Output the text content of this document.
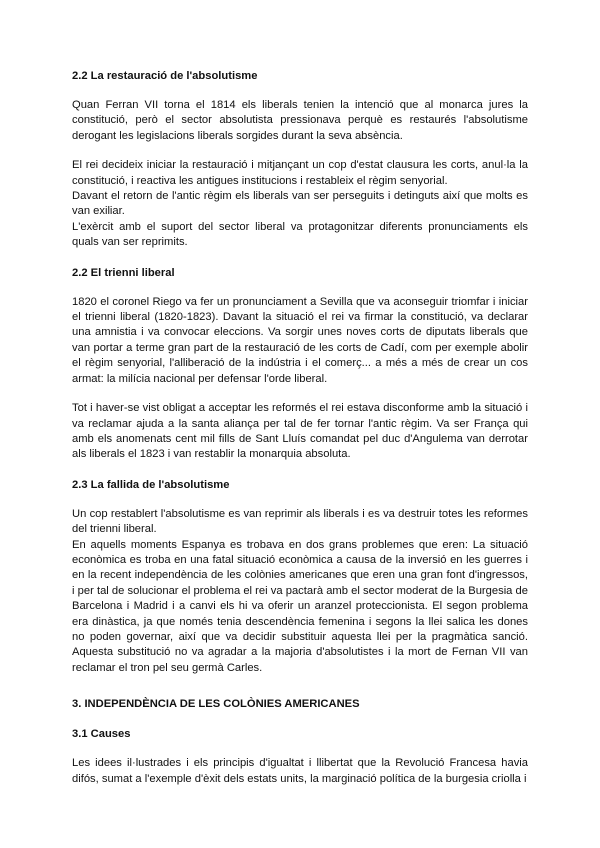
2.2 La restauració de l'absolutisme

Quan Ferran VII torna el 1814 els liberals tenien la intenció que al monarca jures la constitució, però el sector absolutista pressionava perquè es restaurés l'absolutisme derogant les legislacions liberals sorgides durant la seva absència.

El rei decideix iniciar la restauració i mitjançant un cop d'estat clausura les corts, anul·la la constitució, i reactiva les antigues institucions i restableix el règim senyorial.

Davant el retorn de l'antic règim els liberals van ser perseguits i detinguts així que molts es van exiliar.

L'exèrcit amb el suport del sector liberal va protagonitzar diferents pronunciaments els quals van ser reprimits.

2.2 El trienni liberal

1820 el coronel Riego va fer un pronunciament a Sevilla que va aconseguir triomfar i iniciar el trienni liberal (1820-1823). Davant la situació el rei va firmar la constitució, va declarar una amnistia i va convocar eleccions. Va sorgir unes noves corts de diputats liberals que van portar a terme gran part de la restauració de les corts de Cadí, com per exemple abolir el règim senyorial, l'alliberació de la indústria i el comerç... a més a més de crear un cos armat: la milícia nacional per defensar l'orde liberal.

Tot i haver-se vist obligat a acceptar les reformés el rei estava disconforme amb la situació i va reclamar ajuda a la santa aliança per tal de fer tornar l'antic règim. Va ser França qui amb els anomenats cent mil fills de Sant Lluís comandat pel duc d'Angulema van derrotar als liberals el 1823 i van restablir la monarquia absoluta.

2.3 La fallida de l'absolutisme

Un cop restablert l'absolutisme es van reprimir als liberals i es va destruir totes les reformes del trienni liberal.

En aquells moments Espanya es trobava en dos grans problemes que eren: La situació econòmica es troba en una fatal situació econòmica a causa de la inversió en les guerres i en la recent independència de les colònies americanes que eren una gran font d'ingressos, i per tal de solucionar el problema el rei va pactarà amb el sector moderat de la Burgesia de Barcelona i Madrid i a canvi els hi va oferir un aranzel proteccionista. El segon problema era dinàstica, ja que només tenia descendència femenina i segons la llei salica les dones no poden governar, així que va decidir substituir aquesta llei per la pragmàtica sanció. Aquesta substitució no va agradar a la majoria d'absolutistes i la mort de Fernan VII van reclamar el tron pel seu germà Carles.

3. INDEPENDÈNCIA DE LES COLÒNIES AMERICANES
3.1 Causes

Les idees il·lustrades i els principis d'igualtat i llibertat que la Revolució Francesa havia difós, sumat a l'exemple d'èxit dels estats units, la marginació política de la burgesia criolla i
